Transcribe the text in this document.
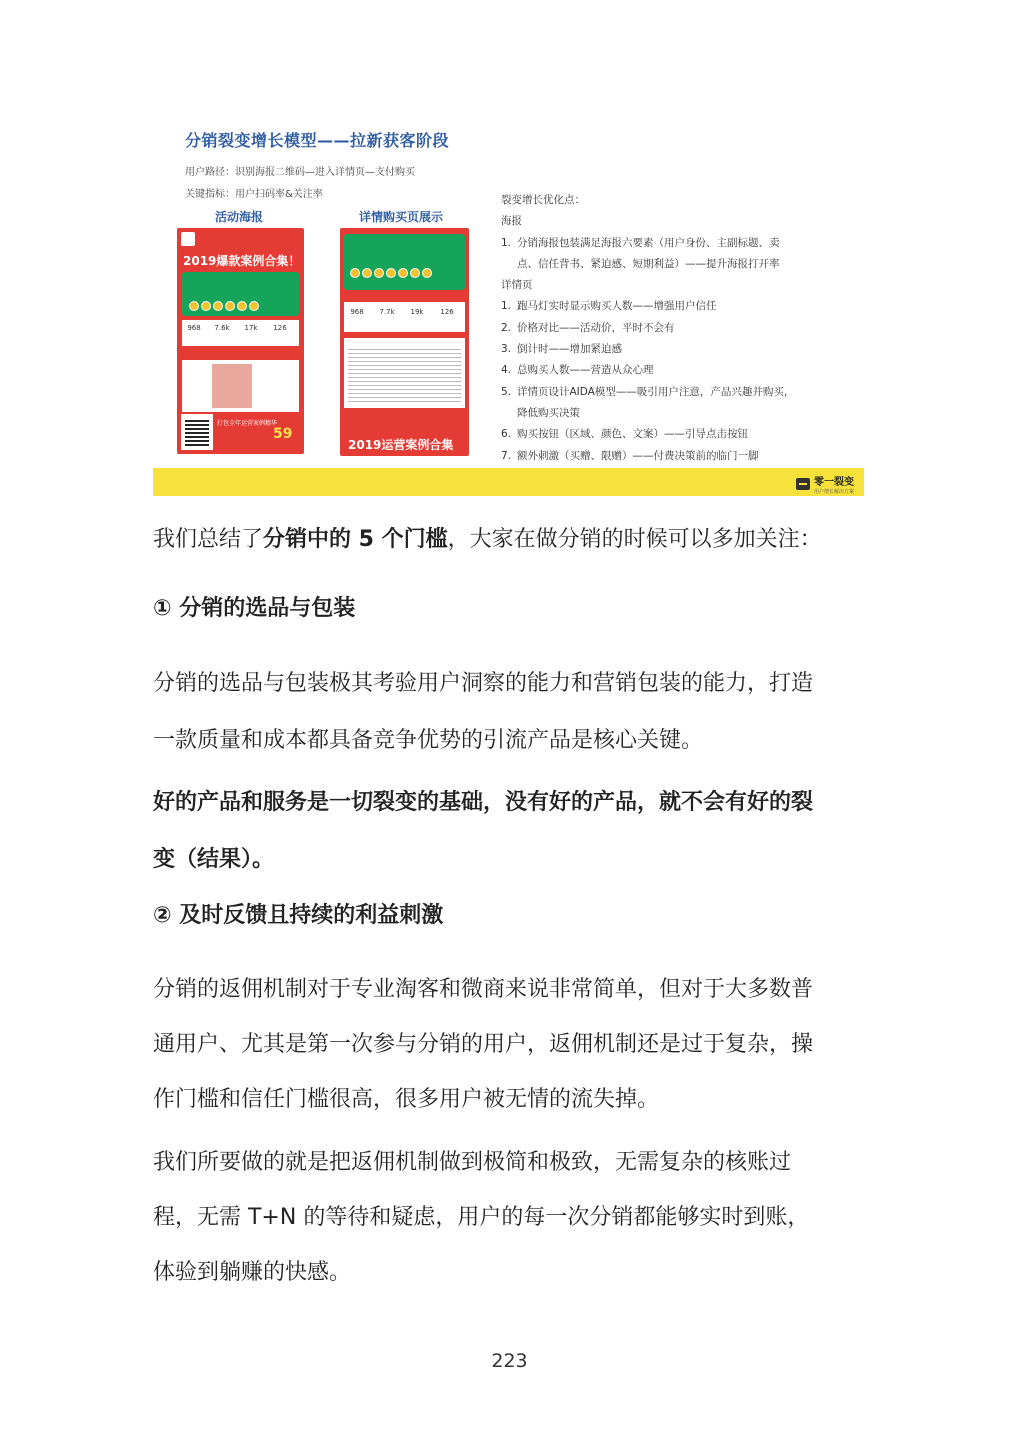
分销裂变增长模型——拉新获客阶段
用户路径：识别海报二维码—进入详情页—支付购买
关键指标：用户扫码率&关注率
活动海报	详情购买页展示
2019爆款案例合集！
968	7.6k	17k	126
打包全年运营案例精华
59
968	7.7k	19k	126
2019运营案例合集
裂变增长优化点：
海报
1. 分销海报包装满足海报六要素（用户身份、主副标题、卖
点、信任背书、紧迫感、短期利益）——提升海报打开率
详情页
1. 跑马灯实时显示购买人数——增强用户信任
2. 价格对比——活动价，平时不会有
3. 倒计时——增加紧迫感
4. 总购买人数——营造从众心理
5. 详情页设计AIDA模型——吸引用户注意，产品兴趣并购买，
降低购买决策
6. 购买按钮（区域、颜色、文案）——引导点击按钮
7. 额外刺激（买赠、限赠）——付费决策前的临门一脚
零一裂变
用户增长解决方案

我们总结了分销中的 5 个门槛，大家在做分销的时候可以多加关注：

① 分销的选品与包装

分销的选品与包装极其考验用户洞察的能力和营销包装的能力，打造

一款质量和成本都具备竞争优势的引流产品是核心关键。

好的产品和服务是一切裂变的基础，没有好的产品，就不会有好的裂

变（结果）。

② 及时反馈且持续的利益刺激

分销的返佣机制对于专业淘客和微商来说非常简单，但对于大多数普

通用户、尤其是第一次参与分销的用户，返佣机制还是过于复杂，操

作门槛和信任门槛很高，很多用户被无情的流失掉。

我们所要做的就是把返佣机制做到极简和极致，无需复杂的核账过

程，无需 T+N 的等待和疑虑，用户的每一次分销都能够实时到账，

体验到躺赚的快感。

223
